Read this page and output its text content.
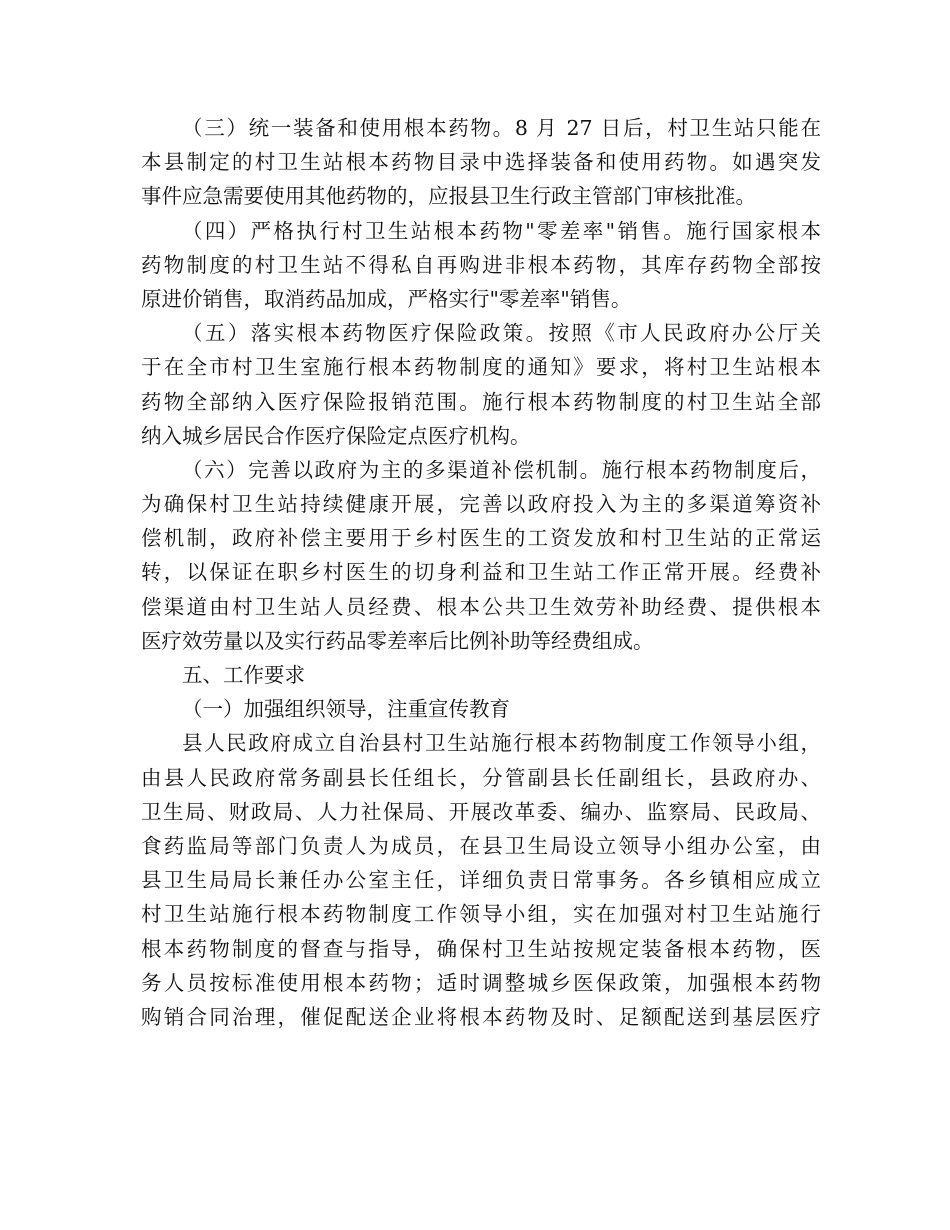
（三）统一装备和使用根本药物。8 月 27 日后，村卫生站只能在
本县制定的村卫生站根本药物目录中选择装备和使用药物。如遇突发
事件应急需要使用其他药物的，应报县卫生行政主管部门审核批准。
（四）严格执行村卫生站根本药物"零差率"销售。施行国家根本
药物制度的村卫生站不得私自再购进非根本药物，其库存药物全部按
原进价销售，取消药品加成，严格实行"零差率"销售。
（五）落实根本药物医疗保险政策。按照《市人民政府办公厅关
于在全市村卫生室施行根本药物制度的通知》要求，将村卫生站根本
药物全部纳入医疗保险报销范围。施行根本药物制度的村卫生站全部
纳入城乡居民合作医疗保险定点医疗机构。
（六）完善以政府为主的多渠道补偿机制。施行根本药物制度后，
为确保村卫生站持续健康开展，完善以政府投入为主的多渠道筹资补
偿机制，政府补偿主要用于乡村医生的工资发放和村卫生站的正常运
转，以保证在职乡村医生的切身利益和卫生站工作正常开展。经费补
偿渠道由村卫生站人员经费、根本公共卫生效劳补助经费、提供根本
医疗效劳量以及实行药品零差率后比例补助等经费组成。
五、工作要求
（一）加强组织领导，注重宣传教育
县人民政府成立自治县村卫生站施行根本药物制度工作领导小组，
由县人民政府常务副县长任组长，分管副县长任副组长，县政府办、
卫生局、财政局、人力社保局、开展改革委、编办、监察局、民政局、
食药监局等部门负责人为成员，在县卫生局设立领导小组办公室，由
县卫生局局长兼任办公室主任，详细负责日常事务。各乡镇相应成立
村卫生站施行根本药物制度工作领导小组，实在加强对村卫生站施行
根本药物制度的督查与指导，确保村卫生站按规定装备根本药物，医
务人员按标准使用根本药物；适时调整城乡医保政策，加强根本药物
购销合同治理，催促配送企业将根本药物及时、足额配送到基层医疗
